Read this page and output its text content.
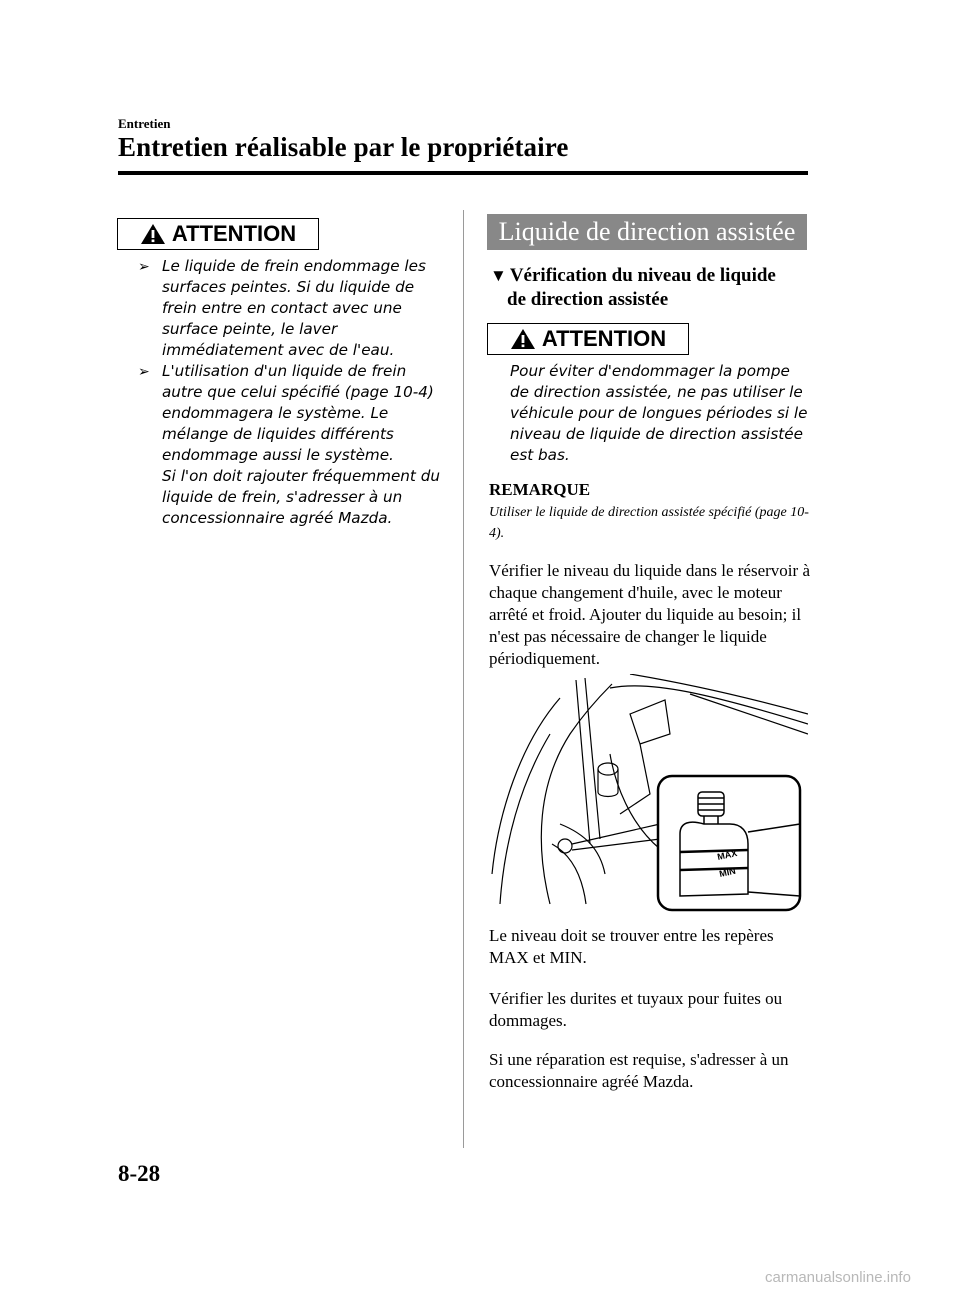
Entretien
Entretien réalisable par le propriétaire
ATTENTION
➢ Le liquide de frein endommage les surfaces peintes. Si du liquide de frein entre en contact avec une surface peinte, le laver immédiatement avec de l'eau.
➢ L'utilisation d'un liquide de frein autre que celui spécifié (page 10-4) endommagera le système. Le mélange de liquides différents endommage aussi le système.
Si l'on doit rajouter fréquemment du liquide de frein, s'adresser à un concessionnaire agréé Mazda.
Liquide de direction assistée
▼ Vérification du niveau de liquide
de direction assistée
ATTENTION
Pour éviter d'endommager la pompe de direction assistée, ne pas utiliser le véhicule pour de longues périodes si le niveau de liquide de direction assistée est bas.
REMARQUE
Utiliser le liquide de direction assistée spécifié (page 10-4).
Vérifier le niveau du liquide dans le réservoir à chaque changement d'huile, avec le moteur arrêté et froid. Ajouter du liquide au besoin; il n'est pas nécessaire de changer le liquide périodiquement.
MAX
MIN
Le niveau doit se trouver entre les repères MAX et MIN.
Vérifier les durites et tuyaux pour fuites ou dommages.
Si une réparation est requise, s'adresser à un concessionnaire agréé Mazda.
8-28
carmanualsonline.info
